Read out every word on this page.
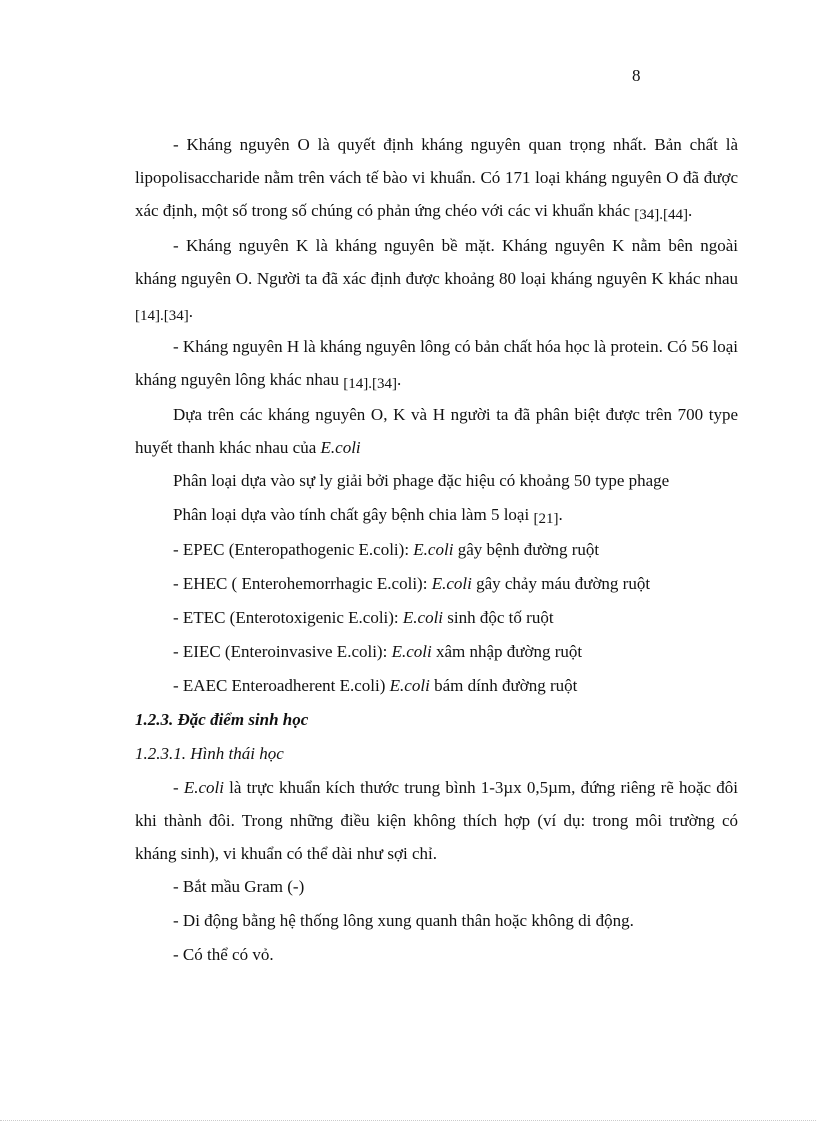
8

- Kháng nguyên O là quyết định kháng nguyên quan trọng nhất. Bản chất là lipopolisaccharide nằm trên vách tế bào vi khuẩn. Có 171 loại kháng nguyên O đã được xác định, một số trong số chúng có phản ứng chéo với các vi khuẩn khác [34].[44].

- Kháng nguyên K là kháng nguyên bề mặt. Kháng nguyên K nằm bên ngoài kháng nguyên O. Người ta đã xác định được khoảng 80 loại kháng nguyên K khác nhau [14].[34].

- Kháng nguyên H là kháng nguyên lông có bản chất hóa học là protein. Có 56 loại kháng nguyên lông khác nhau [14].[34].

Dựa trên các kháng nguyên O, K và H người ta đã phân biệt được trên 700 type huyết thanh khác nhau của E.coli

Phân loại dựa vào sự ly giải bởi phage đặc hiệu có khoảng 50 type phage

Phân loại dựa vào tính chất gây bệnh chia làm 5 loại [21].

- EPEC (Enteropathogenic E.coli): E.coli gây bệnh đường ruột

- EHEC ( Enterohemorrhagic E.coli): E.coli gây chảy máu đường ruột

- ETEC (Enterotoxigenic E.coli): E.coli sinh độc tố ruột

- EIEC (Enteroinvasive E.coli): E.coli xâm nhập đường ruột

- EAEC Enteroadherent E.coli) E.coli bám dính đường ruột

1.2.3. Đặc điểm sinh học

1.2.3.1. Hình thái học

- E.coli là trực khuẩn kích thước trung bình 1-3µx 0,5µm, đứng riêng rẽ hoặc đôi khi thành đôi. Trong những điều kiện không thích hợp (ví dụ: trong môi trường có kháng sinh), vi khuẩn có thể dài như sợi chỉ.

- Bắt mầu Gram (-)

- Di động bằng hệ thống lông xung quanh thân hoặc không di động.

- Có thể có vỏ.
